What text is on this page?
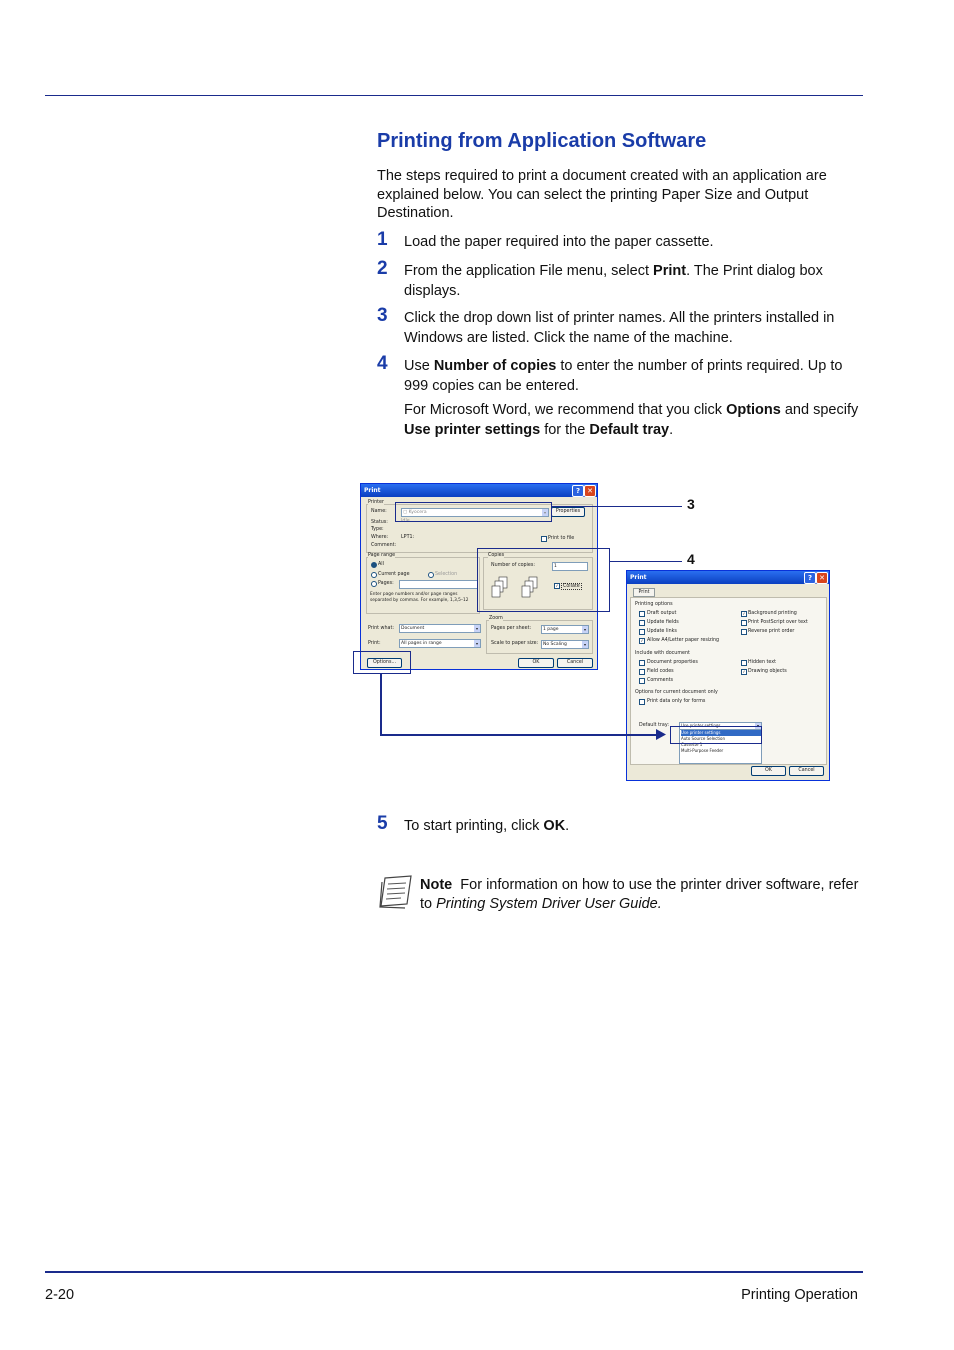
Printing from Application Software

The steps required to print a document created with an application are explained below. You can select the printing Paper Size and Output Destination.

1 Load the paper required into the paper cassette.
2 From the application File menu, select Print. The Print dialog box displays.
3 Click the drop down list of printer names. All the printers installed in Windows are listed. Click the name of the machine.
4 Use Number of copies to enter the number of prints required. Up to 999 copies can be entered.
For Microsoft Word, we recommend that you click Options and specify Use printer settings for the Default tray.
Print	?	✕
Printer
Name:	▢ Kyocera	▾	Properties
Status:	Idle
Type:
Where:	LPT1:
Comment:
Print to file
Page range
All
Current page	Selection
Pages:
Enter page numbers and/or page ranges separated by commas. For example, 1,3,5–12
Copies
Number of copies:	1
✓ Collate
Zoom
Pages per sheet:	1 page	▾
Scale to paper size:	No Scaling	▾
Print what:	Document	▾
Print:	All pages in range	▾
Options...	OK	Cancel
Print	?	✕
Print
Printing options
Draft output
Update fields
Update links
✓ Allow A4/Letter paper resizing
✓ Background printing
Print PostScript over text
Reverse print order
Include with document
Document properties
Field codes
Comments
Hidden text
✓ Drawing objects
Options for current document only
Print data only for forms
Default tray:	Use printer settings	▾
Use printer settings
Auto Source Selection
Cassette 1
Multi-Purpose Feeder
OK	Cancel
3
4
5 To start printing, click OK.
Note For information on how to use the printer driver software, refer to Printing System Driver User Guide.
2-20	Printing Operation
